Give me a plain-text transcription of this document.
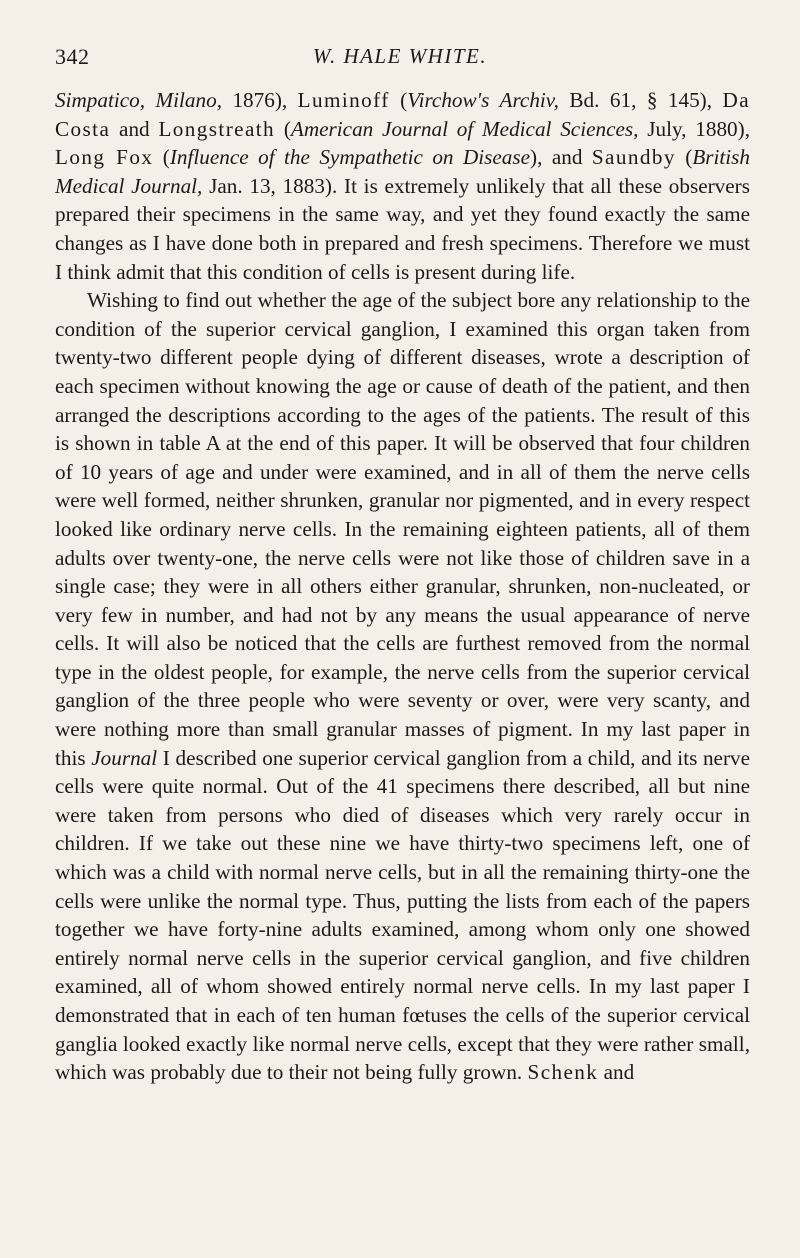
342	W. HALE WHITE.

Simpatico, Milano, 1876), Luminoff (Virchow's Archiv, Bd. 61, § 145), Da Costa and Longstreath (American Journal of Medical Sciences, July, 1880), Long Fox (Influence of the Sympathetic on Disease), and Saundby (British Medical Journal, Jan. 13, 1883). It is extremely unlikely that all these observers prepared their specimens in the same way, and yet they found exactly the same changes as I have done both in prepared and fresh specimens. Therefore we must I think admit that this condition of cells is present during life.

Wishing to find out whether the age of the subject bore any relationship to the condition of the superior cervical ganglion, I examined this organ taken from twenty-two different people dying of different diseases, wrote a description of each specimen without knowing the age or cause of death of the patient, and then arranged the descriptions according to the ages of the patients. The result of this is shown in table A at the end of this paper. It will be observed that four children of 10 years of age and under were examined, and in all of them the nerve cells were well formed, neither shrunken, granular nor pigmented, and in every respect looked like ordinary nerve cells. In the remaining eighteen patients, all of them adults over twenty-one, the nerve cells were not like those of children save in a single case; they were in all others either granular, shrunken, non-nucleated, or very few in number, and had not by any means the usual appearance of nerve cells. It will also be noticed that the cells are furthest removed from the normal type in the oldest people, for example, the nerve cells from the superior cervical ganglion of the three people who were seventy or over, were very scanty, and were nothing more than small granular masses of pigment. In my last paper in this Journal I described one superior cervical ganglion from a child, and its nerve cells were quite normal. Out of the 41 specimens there described, all but nine were taken from persons who died of diseases which very rarely occur in children. If we take out these nine we have thirty-two specimens left, one of which was a child with normal nerve cells, but in all the remaining thirty-one the cells were unlike the normal type. Thus, putting the lists from each of the papers together we have forty-nine adults examined, among whom only one showed entirely normal nerve cells in the superior cervical ganglion, and five children examined, all of whom showed entirely normal nerve cells. In my last paper I demonstrated that in each of ten human fœtuses the cells of the superior cervical ganglia looked exactly like normal nerve cells, except that they were rather small, which was probably due to their not being fully grown. Schenk and
